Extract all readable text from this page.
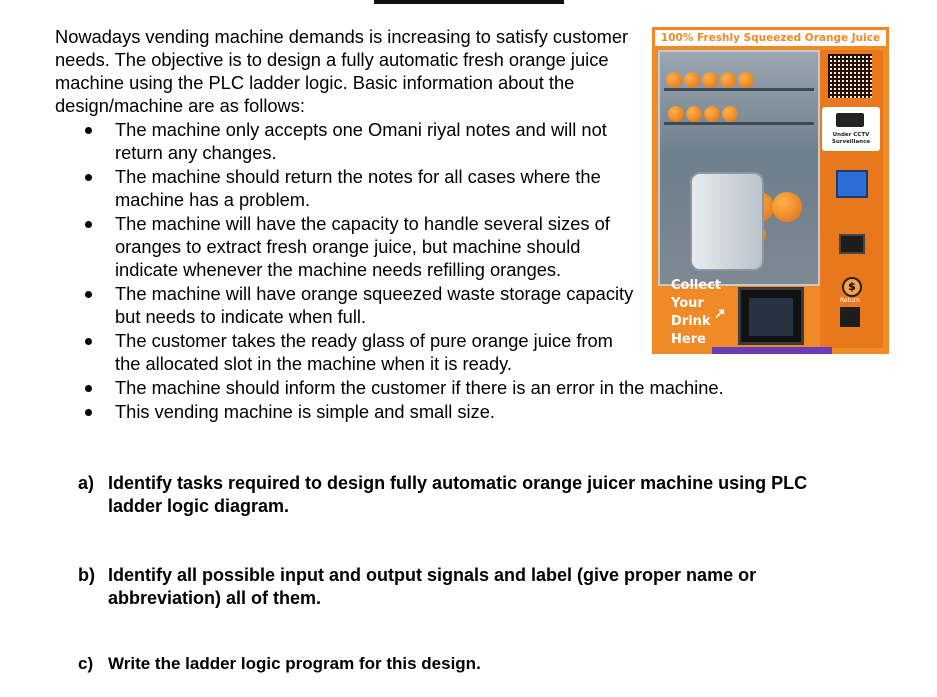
Nowadays vending machine demands is increasing to satisfy customer needs. The objective is to design a fully automatic fresh orange juice machine using the PLC ladder logic. Basic information about the design/machine are as follows:

The machine only accepts one Omani riyal notes and will not return any changes.
The machine should return the notes for all cases where the machine has a problem.
The machine will have the capacity to handle several sizes of oranges to extract fresh orange juice, but machine should indicate whenever the machine needs refilling oranges.
The machine will have orange squeezed waste storage capacity but needs to indicate when full.
The customer takes the ready glass of pure orange juice from the allocated slot in the machine when it is ready.
The machine should inform the customer if there is an error in the machine.
This vending machine is simple and small size.
a) Identify tasks required to design fully automatic orange juicer machine using PLC ladder logic diagram.
b) Identify all possible input and output signals and label (give proper name or abbreviation) all of them.
c) Write the ladder logic program for this design.
100% Freshly Squeezed Orange Juice
Under CCTV Surveillance
$
Return
Collect
Your
Drink
Here
↗
